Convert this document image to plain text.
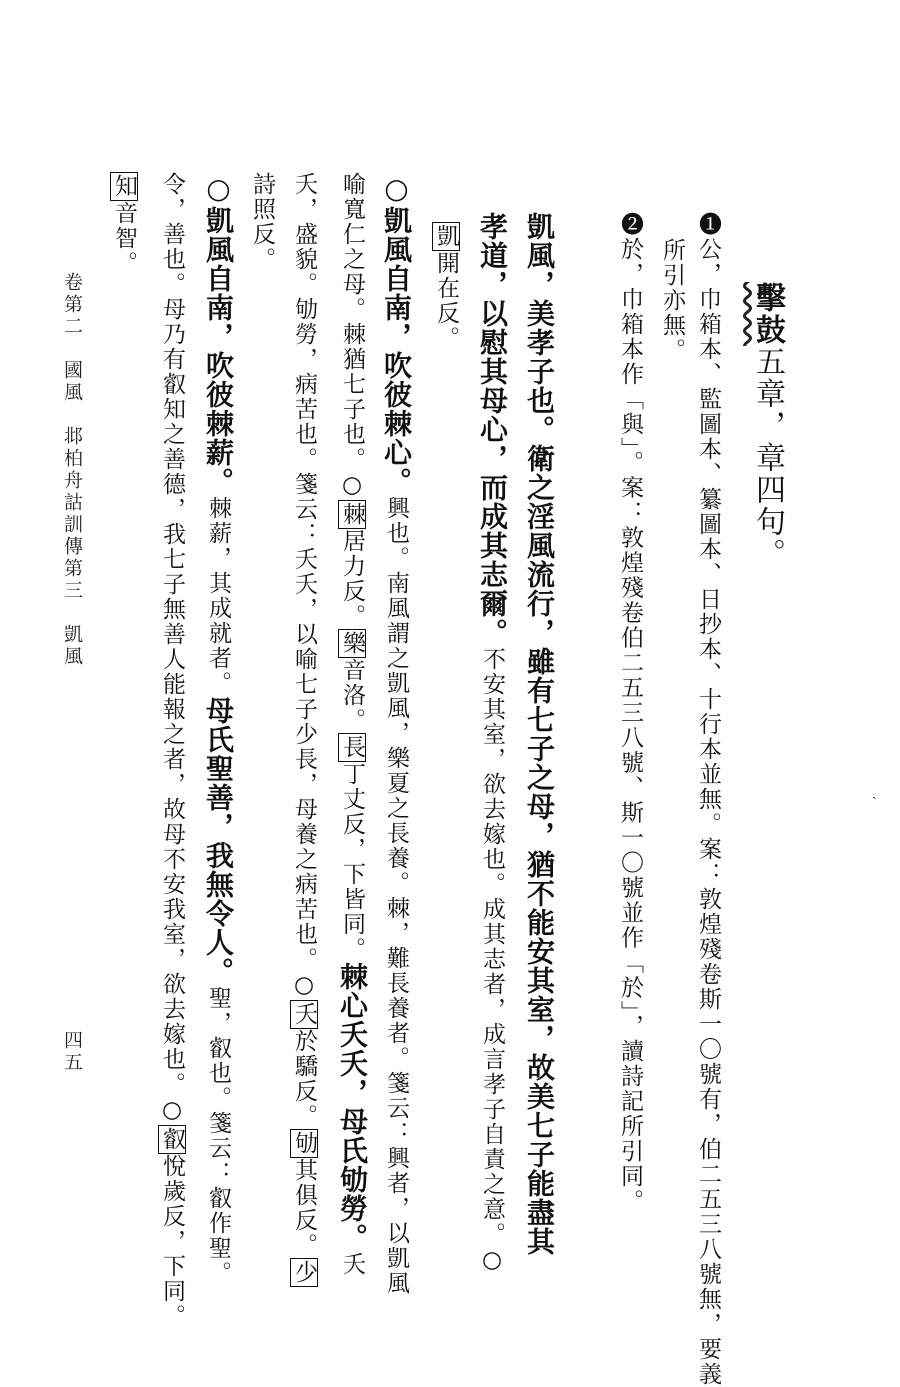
擊鼓五章，章四句。
❶公，巾箱本、監圖本、纂圖本、日抄本、十行本並無。案：敦煌殘卷斯一〇號有，伯二五三八號無，要義
所引亦無。
❷於，巾箱本作「與」。案：敦煌殘卷伯二五三八號、斯一〇號並作「於」，讀詩記所引同。
凱風，美孝子也。衛之淫風流行，雖有七子之母，猶不能安其室，故美七子能盡其
孝道，以慰其母心，而成其志爾。不安其室，欲去嫁也。成其志者，成言孝子自責之意。○
凱開在反。
○凱風自南，吹彼棘心。興也。南風謂之凱風，樂夏之長養。棘，難長養者。箋云：興者，以凱風
喻寬仁之母。棘猶七子也。○棘居力反。樂音洛。長丁丈反，下皆同。棘心夭夭，母氏劬勞。夭
夭，盛貌。劬勞，病苦也。箋云：夭夭，以喻七子少長，母養之病苦也。○夭於驕反。劬其俱反。少
詩照反。
○凱風自南，吹彼棘薪。棘薪，其成就者。母氏聖善，我無令人。聖，叡也。箋云：叡作聖。
令，善也。母乃有叡知之善德，我七子無善人能報之者，故母不安我室，欲去嫁也。○叡悅歲反，下同。
知音智。
卷第二　國風　邶柏舟詁訓傳第三　凱風
四五
ˏ
